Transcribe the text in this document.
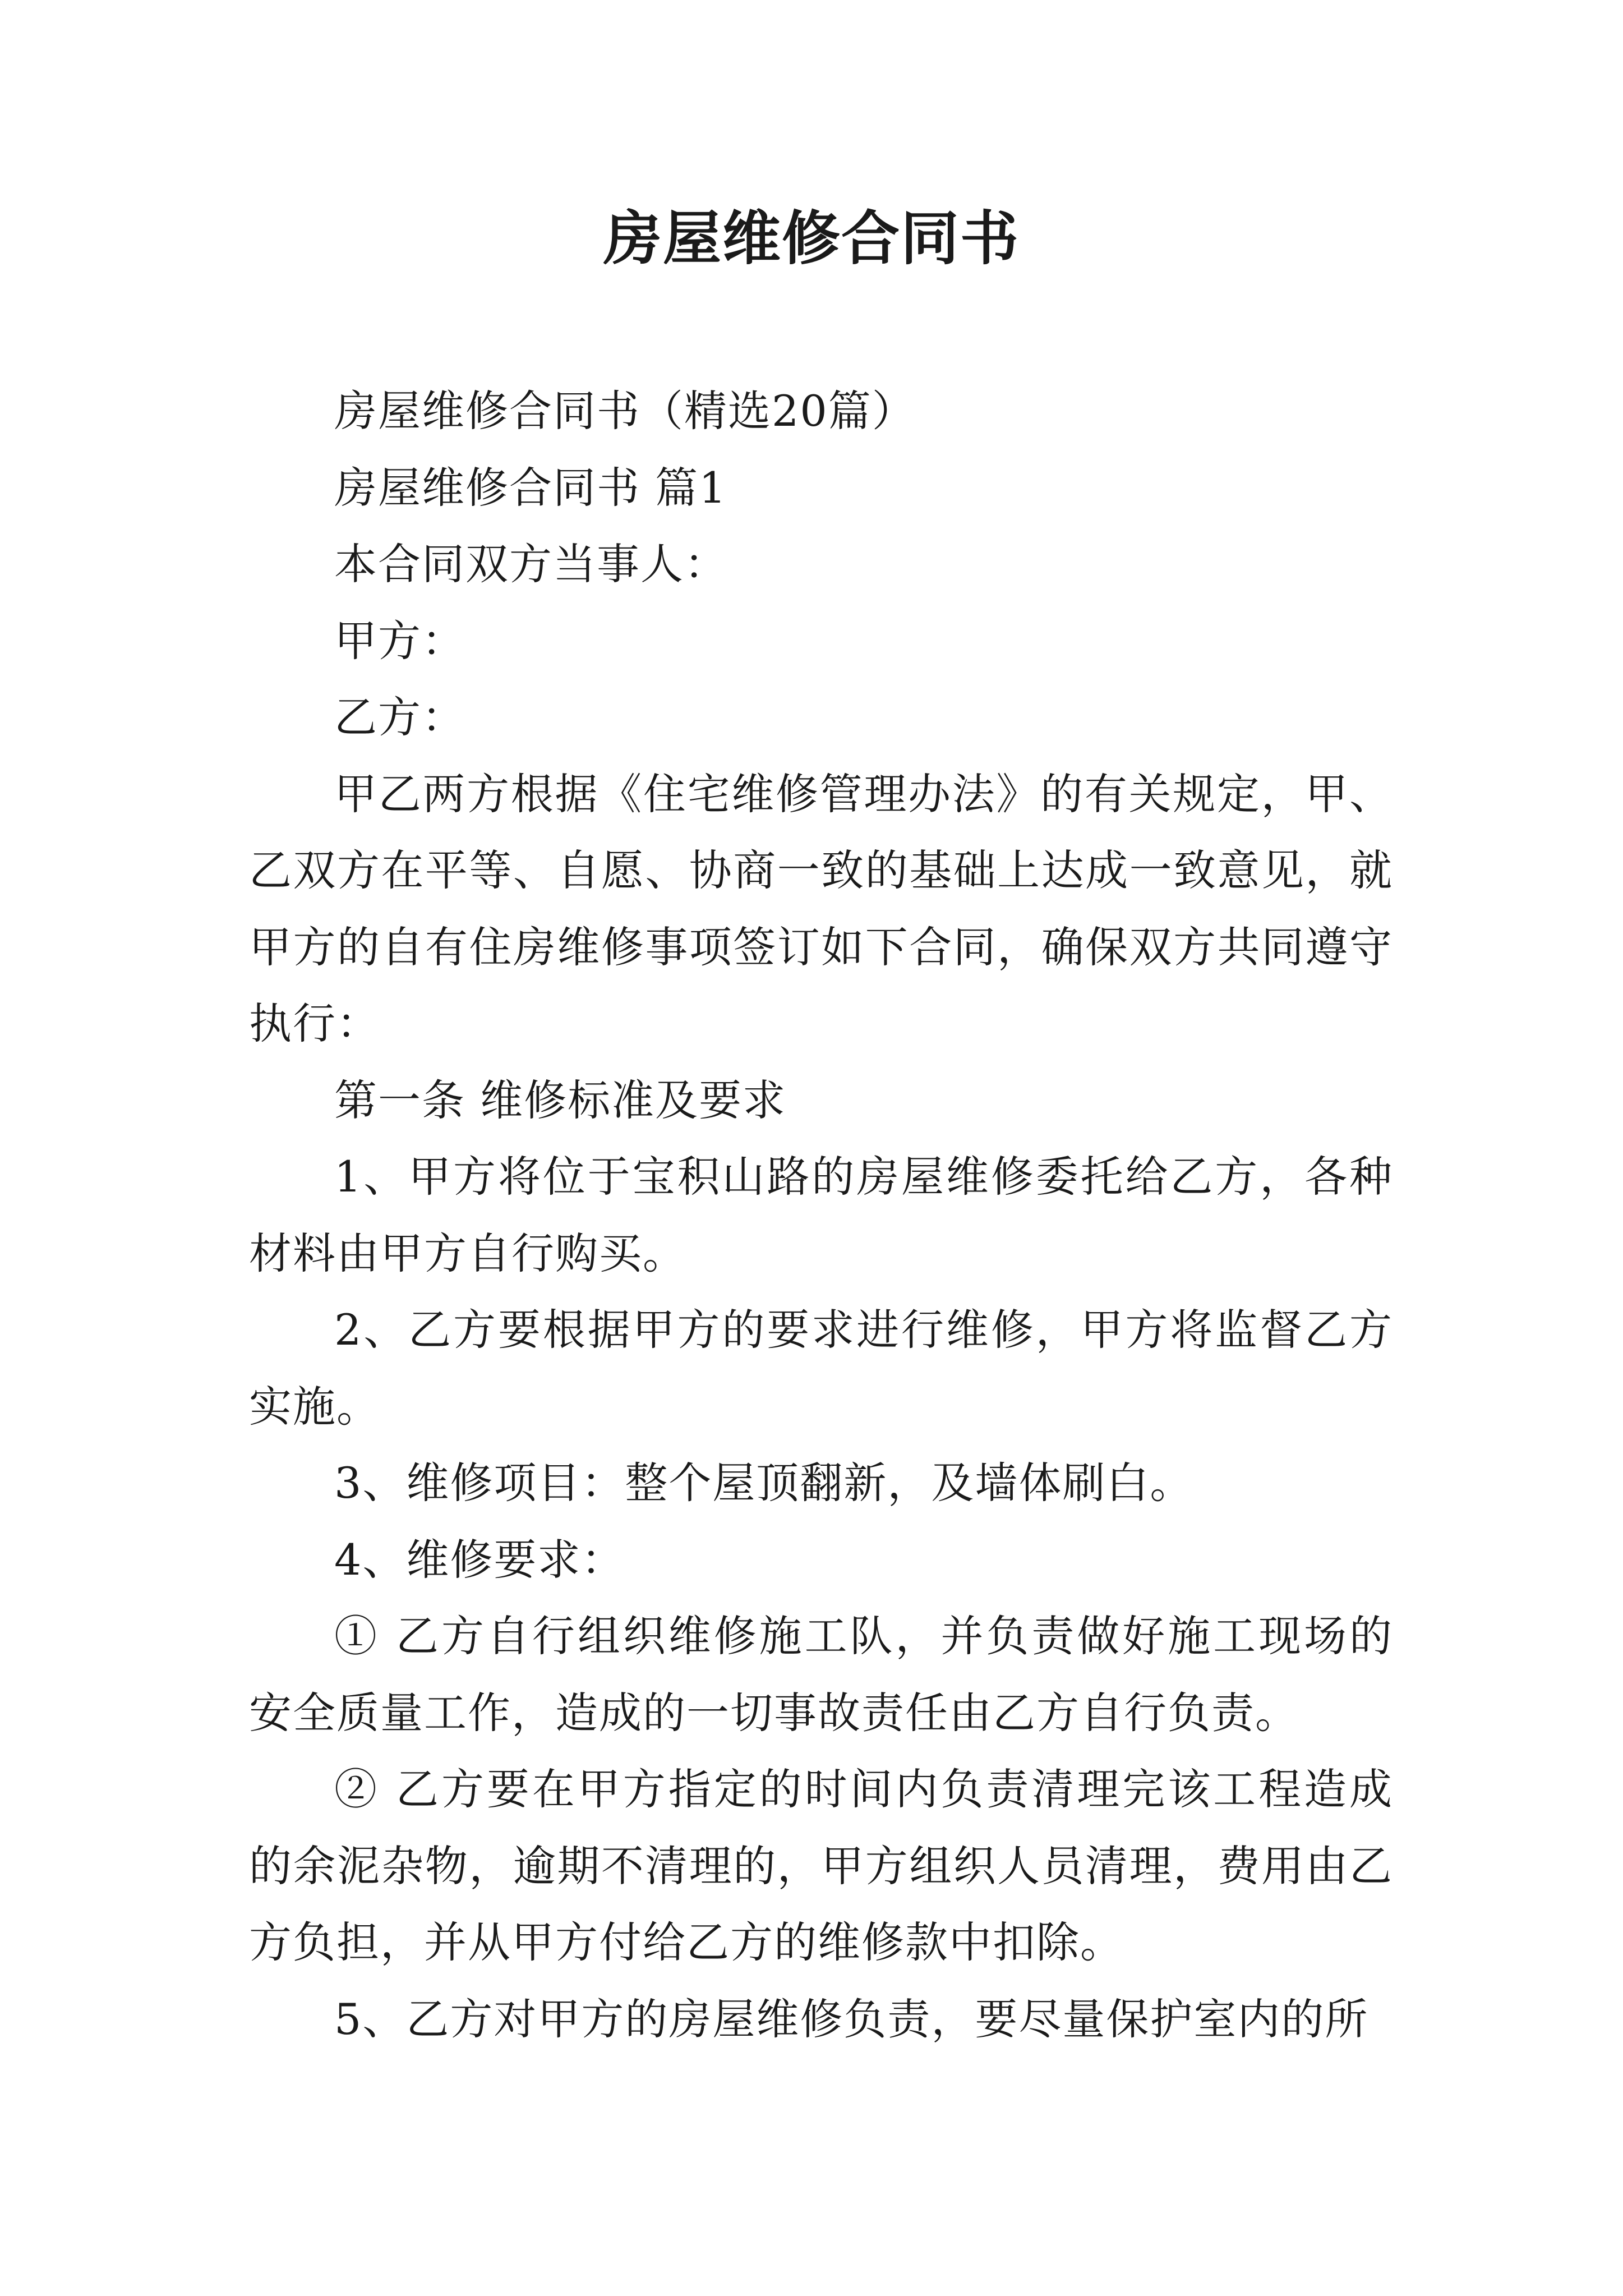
房屋维修合同书

房屋维修合同书（精选20篇）

房屋维修合同书 篇1

本合同双方当事人：

甲方：

乙方：

甲乙两方根据《住宅维修管理办法》的有关规定，甲、乙双方在平等、自愿、协商一致的基础上达成一致意见，就甲方的自有住房维修事项签订如下合同，确保双方共同遵守执行：

第一条 维修标准及要求

1、甲方将位于宝积山路的房屋维修委托给乙方，各种材料由甲方自行购买。

2、乙方要根据甲方的要求进行维修，甲方将监督乙方实施。

3、维修项目：整个屋顶翻新，及墙体刷白。

4、维修要求：

① 乙方自行组织维修施工队，并负责做好施工现场的安全质量工作，造成的一切事故责任由乙方自行负责。

② 乙方要在甲方指定的时间内负责清理完该工程造成的余泥杂物，逾期不清理的，甲方组织人员清理，费用由乙方负担，并从甲方付给乙方的维修款中扣除。

5、乙方对甲方的房屋维修负责，要尽量保护室内的所
